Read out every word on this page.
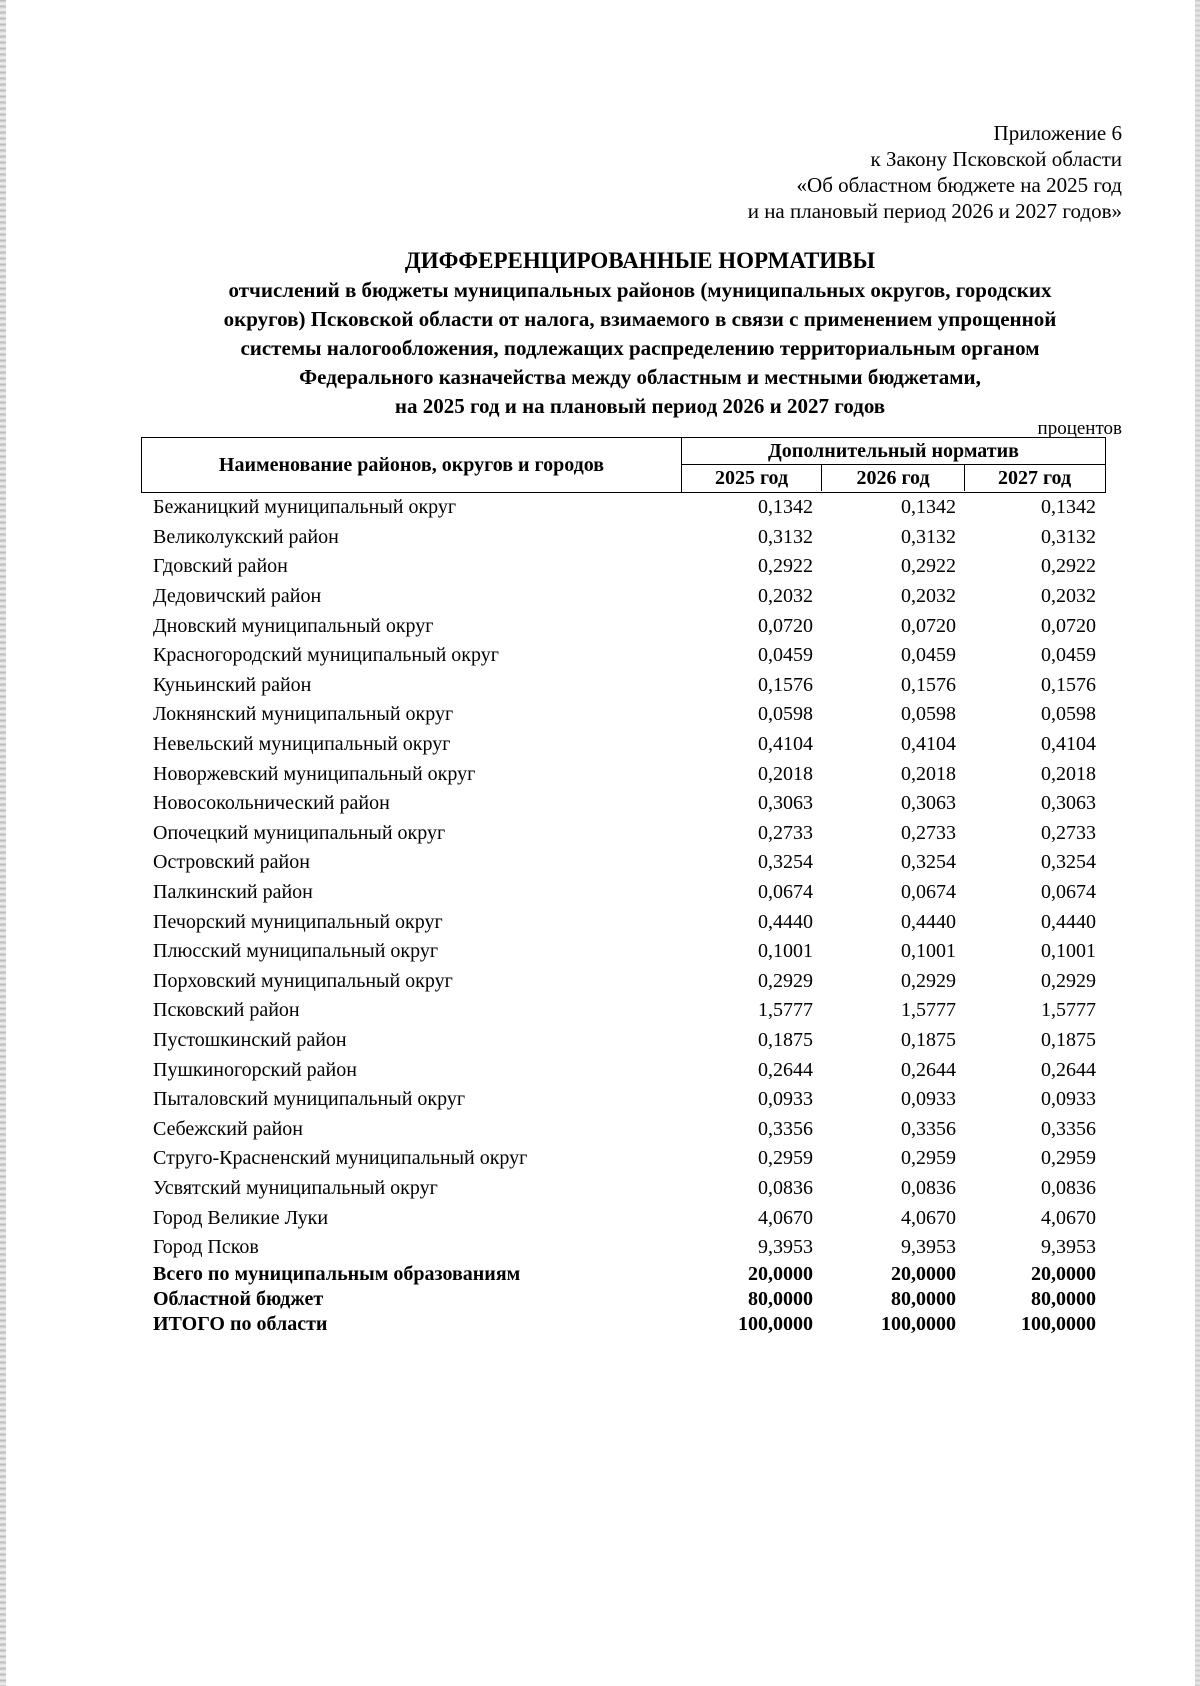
Приложение 6
к Закону Псковской области
«Об областном бюджете на 2025 год
и на плановый период 2026 и 2027 годов»
ДИФФЕРЕНЦИРОВАННЫЕ НОРМАТИВЫ
отчислений в бюджеты муниципальных районов (муниципальных округов, городских
округов) Псковской области от налога, взимаемого в связи с применением упрощенной
системы налогообложения, подлежащих распределению территориальным органом
Федерального казначейства между областным и местными бюджетами,
на 2025 год и на плановый период 2026 и 2027 годов
процентов
Наименование районов, округов и городов
Дополнительный норматив
2025 год	2026 год	2027 год
Бежаницкий муниципальный округ	0,1342	0,1342	0,1342
Великолукский район	0,3132	0,3132	0,3132
Гдовский район	0,2922	0,2922	0,2922
Дедовичский район	0,2032	0,2032	0,2032
Дновский муниципальный округ	0,0720	0,0720	0,0720
Красногородский муниципальный округ	0,0459	0,0459	0,0459
Куньинский район	0,1576	0,1576	0,1576
Локнянский муниципальный округ	0,0598	0,0598	0,0598
Невельский муниципальный округ	0,4104	0,4104	0,4104
Новоржевский муниципальный округ	0,2018	0,2018	0,2018
Новосокольнический район	0,3063	0,3063	0,3063
Опочецкий муниципальный округ	0,2733	0,2733	0,2733
Островский район	0,3254	0,3254	0,3254
Палкинский район	0,0674	0,0674	0,0674
Печорский муниципальный округ	0,4440	0,4440	0,4440
Плюсский муниципальный округ	0,1001	0,1001	0,1001
Порховский муниципальный округ	0,2929	0,2929	0,2929
Псковский район	1,5777	1,5777	1,5777
Пустошкинский район	0,1875	0,1875	0,1875
Пушкиногорский район	0,2644	0,2644	0,2644
Пыталовский муниципальный округ	0,0933	0,0933	0,0933
Себежский район	0,3356	0,3356	0,3356
Струго-Красненский муниципальный округ	0,2959	0,2959	0,2959
Усвятский муниципальный округ	0,0836	0,0836	0,0836
Город Великие Луки	4,0670	4,0670	4,0670
Город Псков	9,3953	9,3953	9,3953
Всего по муниципальным образованиям	20,0000	20,0000	20,0000
Областной бюджет	80,0000	80,0000	80,0000
ИТОГО по области	100,0000	100,0000	100,0000
